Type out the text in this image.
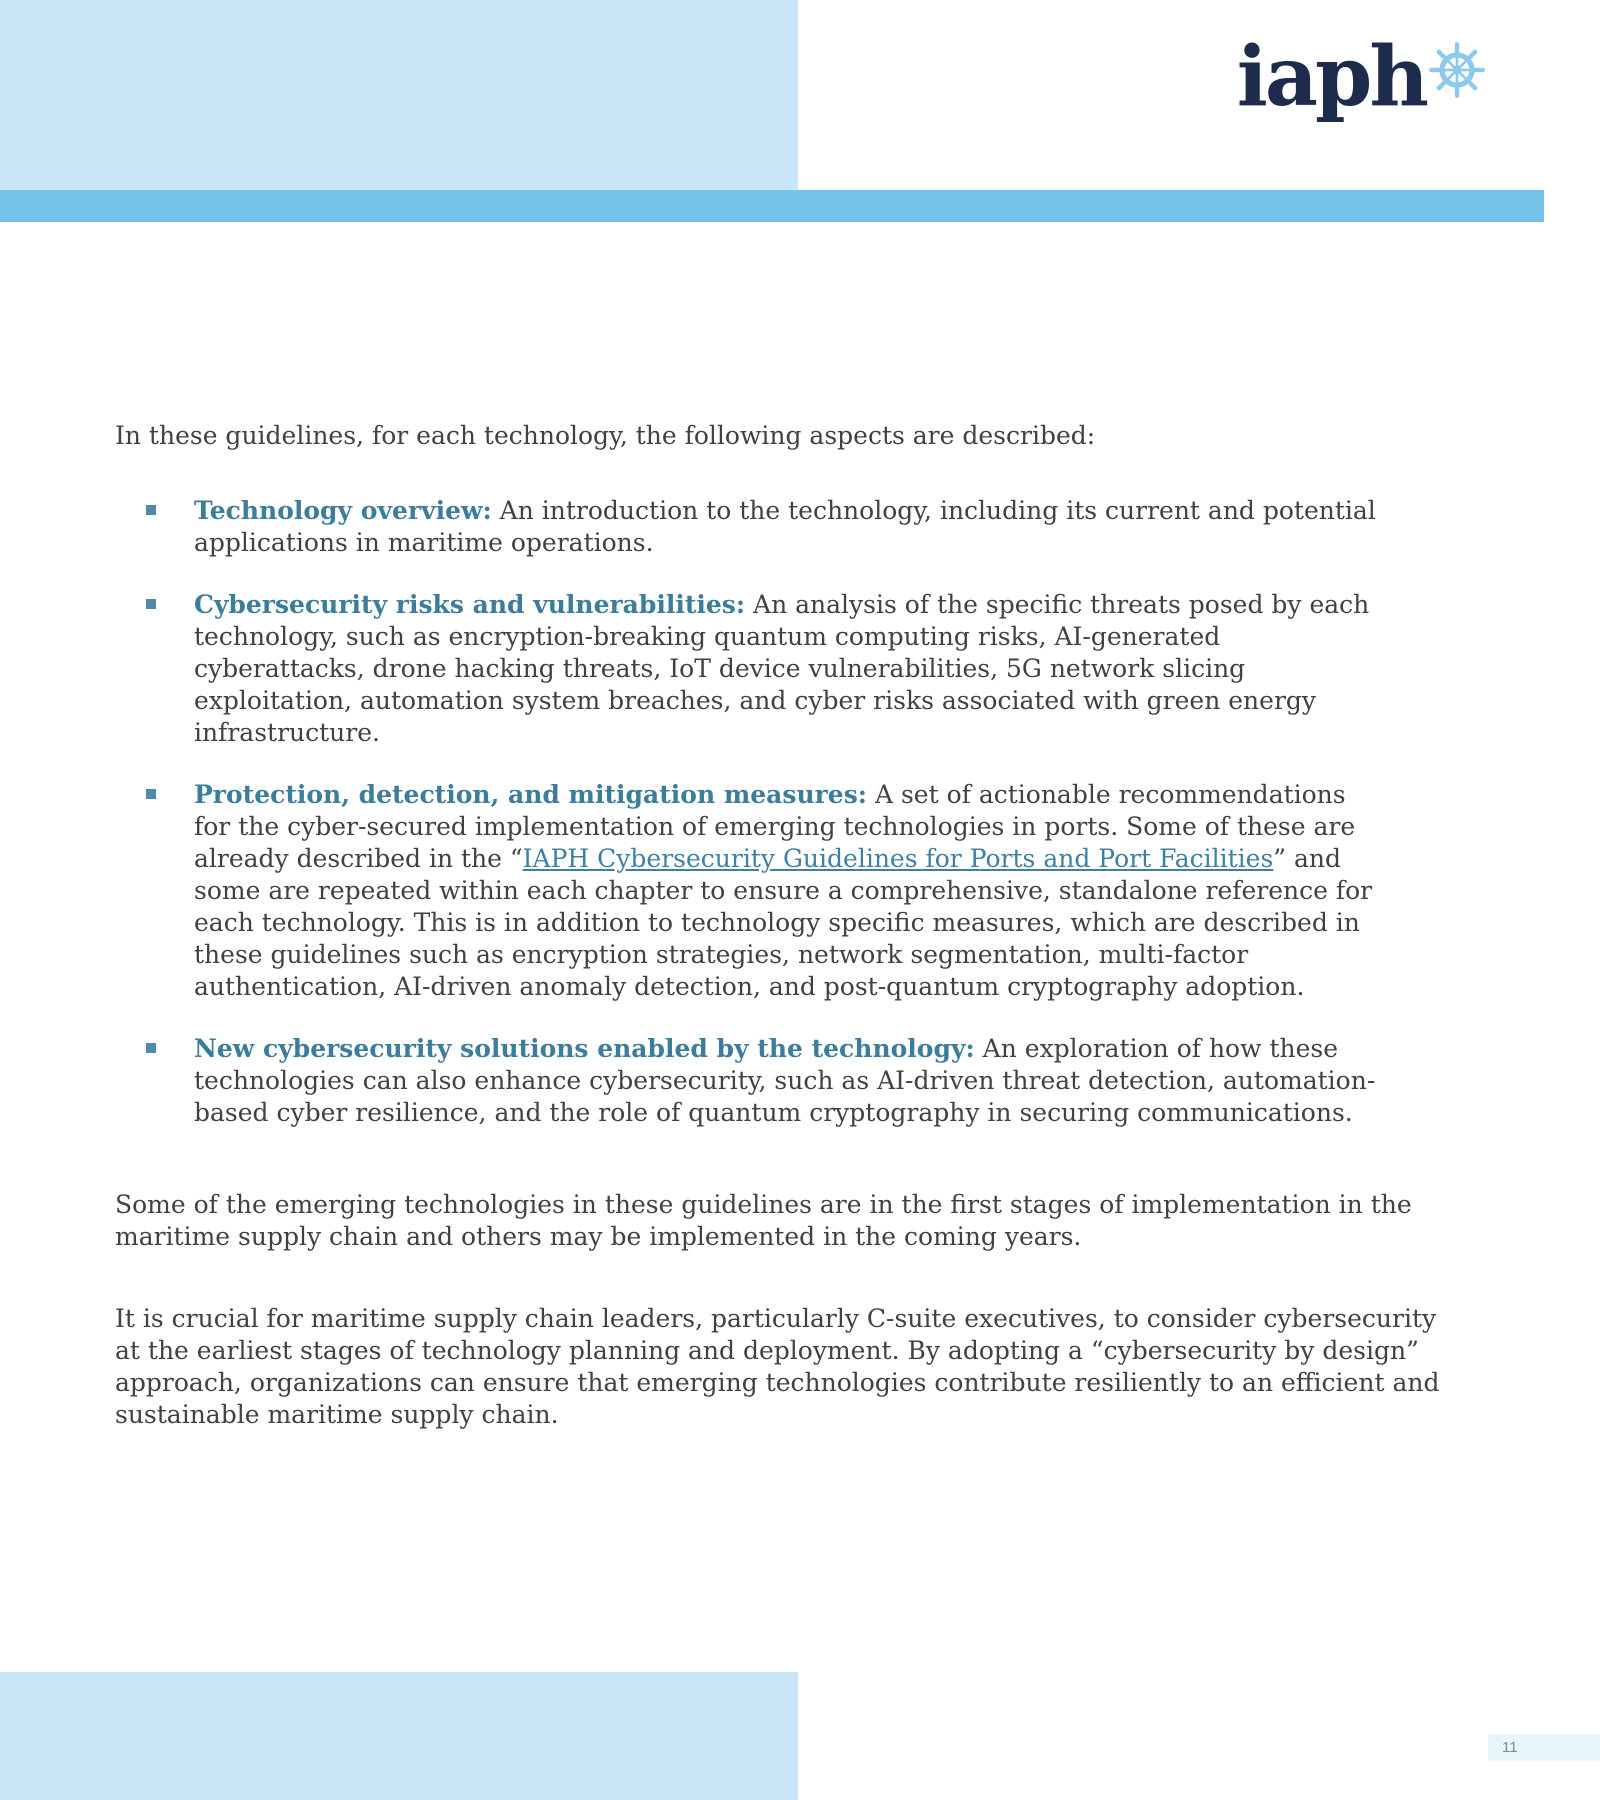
iaph

In these guidelines, for each technology, the following aspects are described:

Technology overview: An introduction to the technology, including its current and potential applications in maritime operations.

Cybersecurity risks and vulnerabilities: An analysis of the specific threats posed by each technology, such as encryption-breaking quantum computing risks, AI-generated cyberattacks, drone hacking threats, IoT device vulnerabilities, 5G network slicing exploitation, automation system breaches, and cyber risks associated with green energy infrastructure.

Protection, detection, and mitigation measures: A set of actionable recommendations for the cyber-secured implementation of emerging technologies in ports. Some of these are already described in the “IAPH Cybersecurity Guidelines for Ports and Port Facilities” and some are repeated within each chapter to ensure a comprehensive, standalone reference for each technology. This is in addition to technology specific measures, which are described in these guidelines such as encryption strategies, network segmentation, multi-factor authentication, AI-driven anomaly detection, and post-quantum cryptography adoption.

New cybersecurity solutions enabled by the technology: An exploration of how these technologies can also enhance cybersecurity, such as AI-driven threat detection, automation-based cyber resilience, and the role of quantum cryptography in securing communications.

Some of the emerging technologies in these guidelines are in the first stages of implementation in the maritime supply chain and others may be implemented in the coming years.

It is crucial for maritime supply chain leaders, particularly C-suite executives, to consider cybersecurity at the earliest stages of technology planning and deployment. By adopting a “cybersecurity by design” approach, organizations can ensure that emerging technologies contribute resiliently to an efficient and sustainable maritime supply chain.

11
